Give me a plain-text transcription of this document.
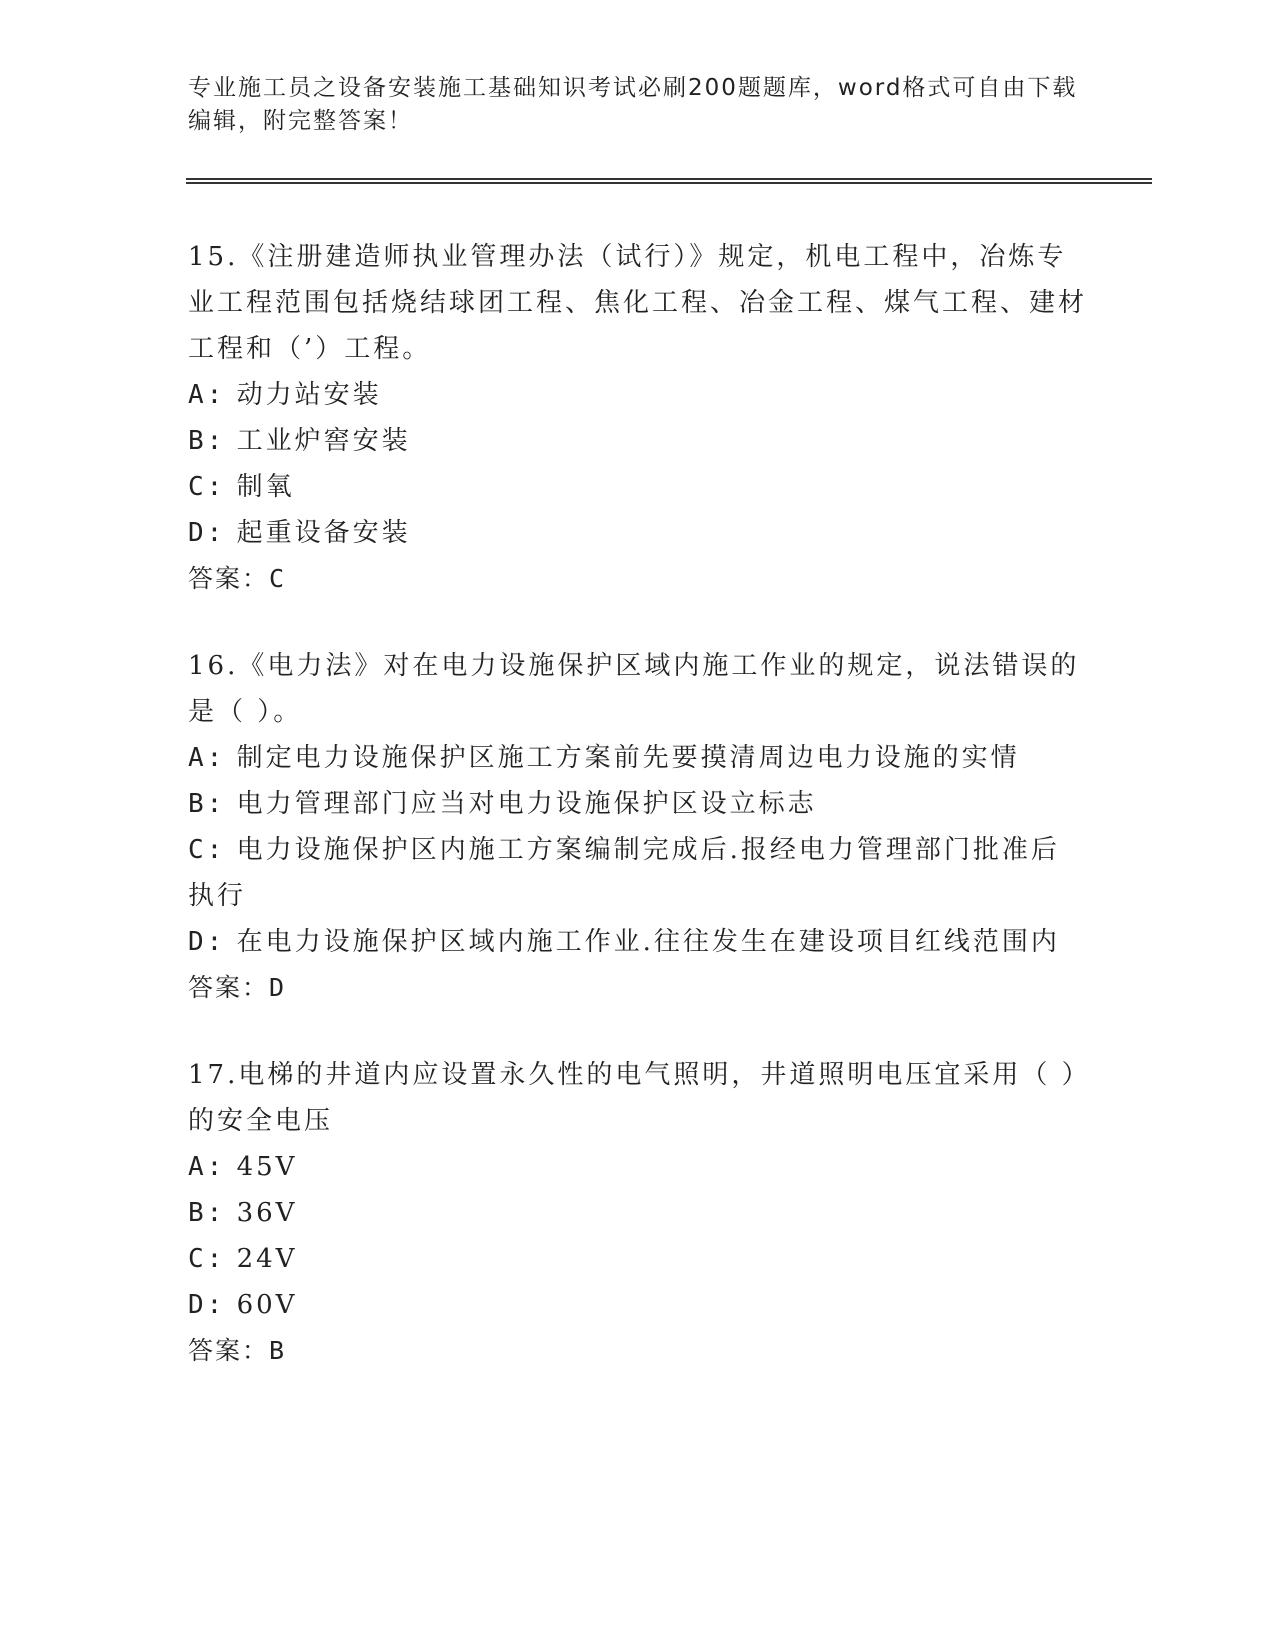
专业施工员之设备安装施工基础知识考试必刷200题题库，word格式可自由下载编辑，附完整答案！

15.《注册建造师执业管理办法（试行）》规定，机电工程中，冶炼专业工程范围包括烧结球团工程、焦化工程、冶金工程、煤气工程、建材工程和（’）工程。

A: 动力站安装

B: 工业炉窖安装

C: 制氧

D: 起重设备安装

答案：C

16.《电力法》对在电力设施保护区域内施工作业的规定，说法错误的是（ ）。

A: 制定电力设施保护区施工方案前先要摸清周边电力设施的实情

B: 电力管理部门应当对电力设施保护区设立标志

C: 电力设施保护区内施工方案编制完成后.报经电力管理部门批准后执行

D: 在电力设施保护区域内施工作业.往往发生在建设项目红线范围内

答案：D

17.电梯的井道内应设置永久性的电气照明，井道照明电压宜采用（ ）的安全电压

A: 45V

B: 36V

C: 24V

D: 60V

答案：B
